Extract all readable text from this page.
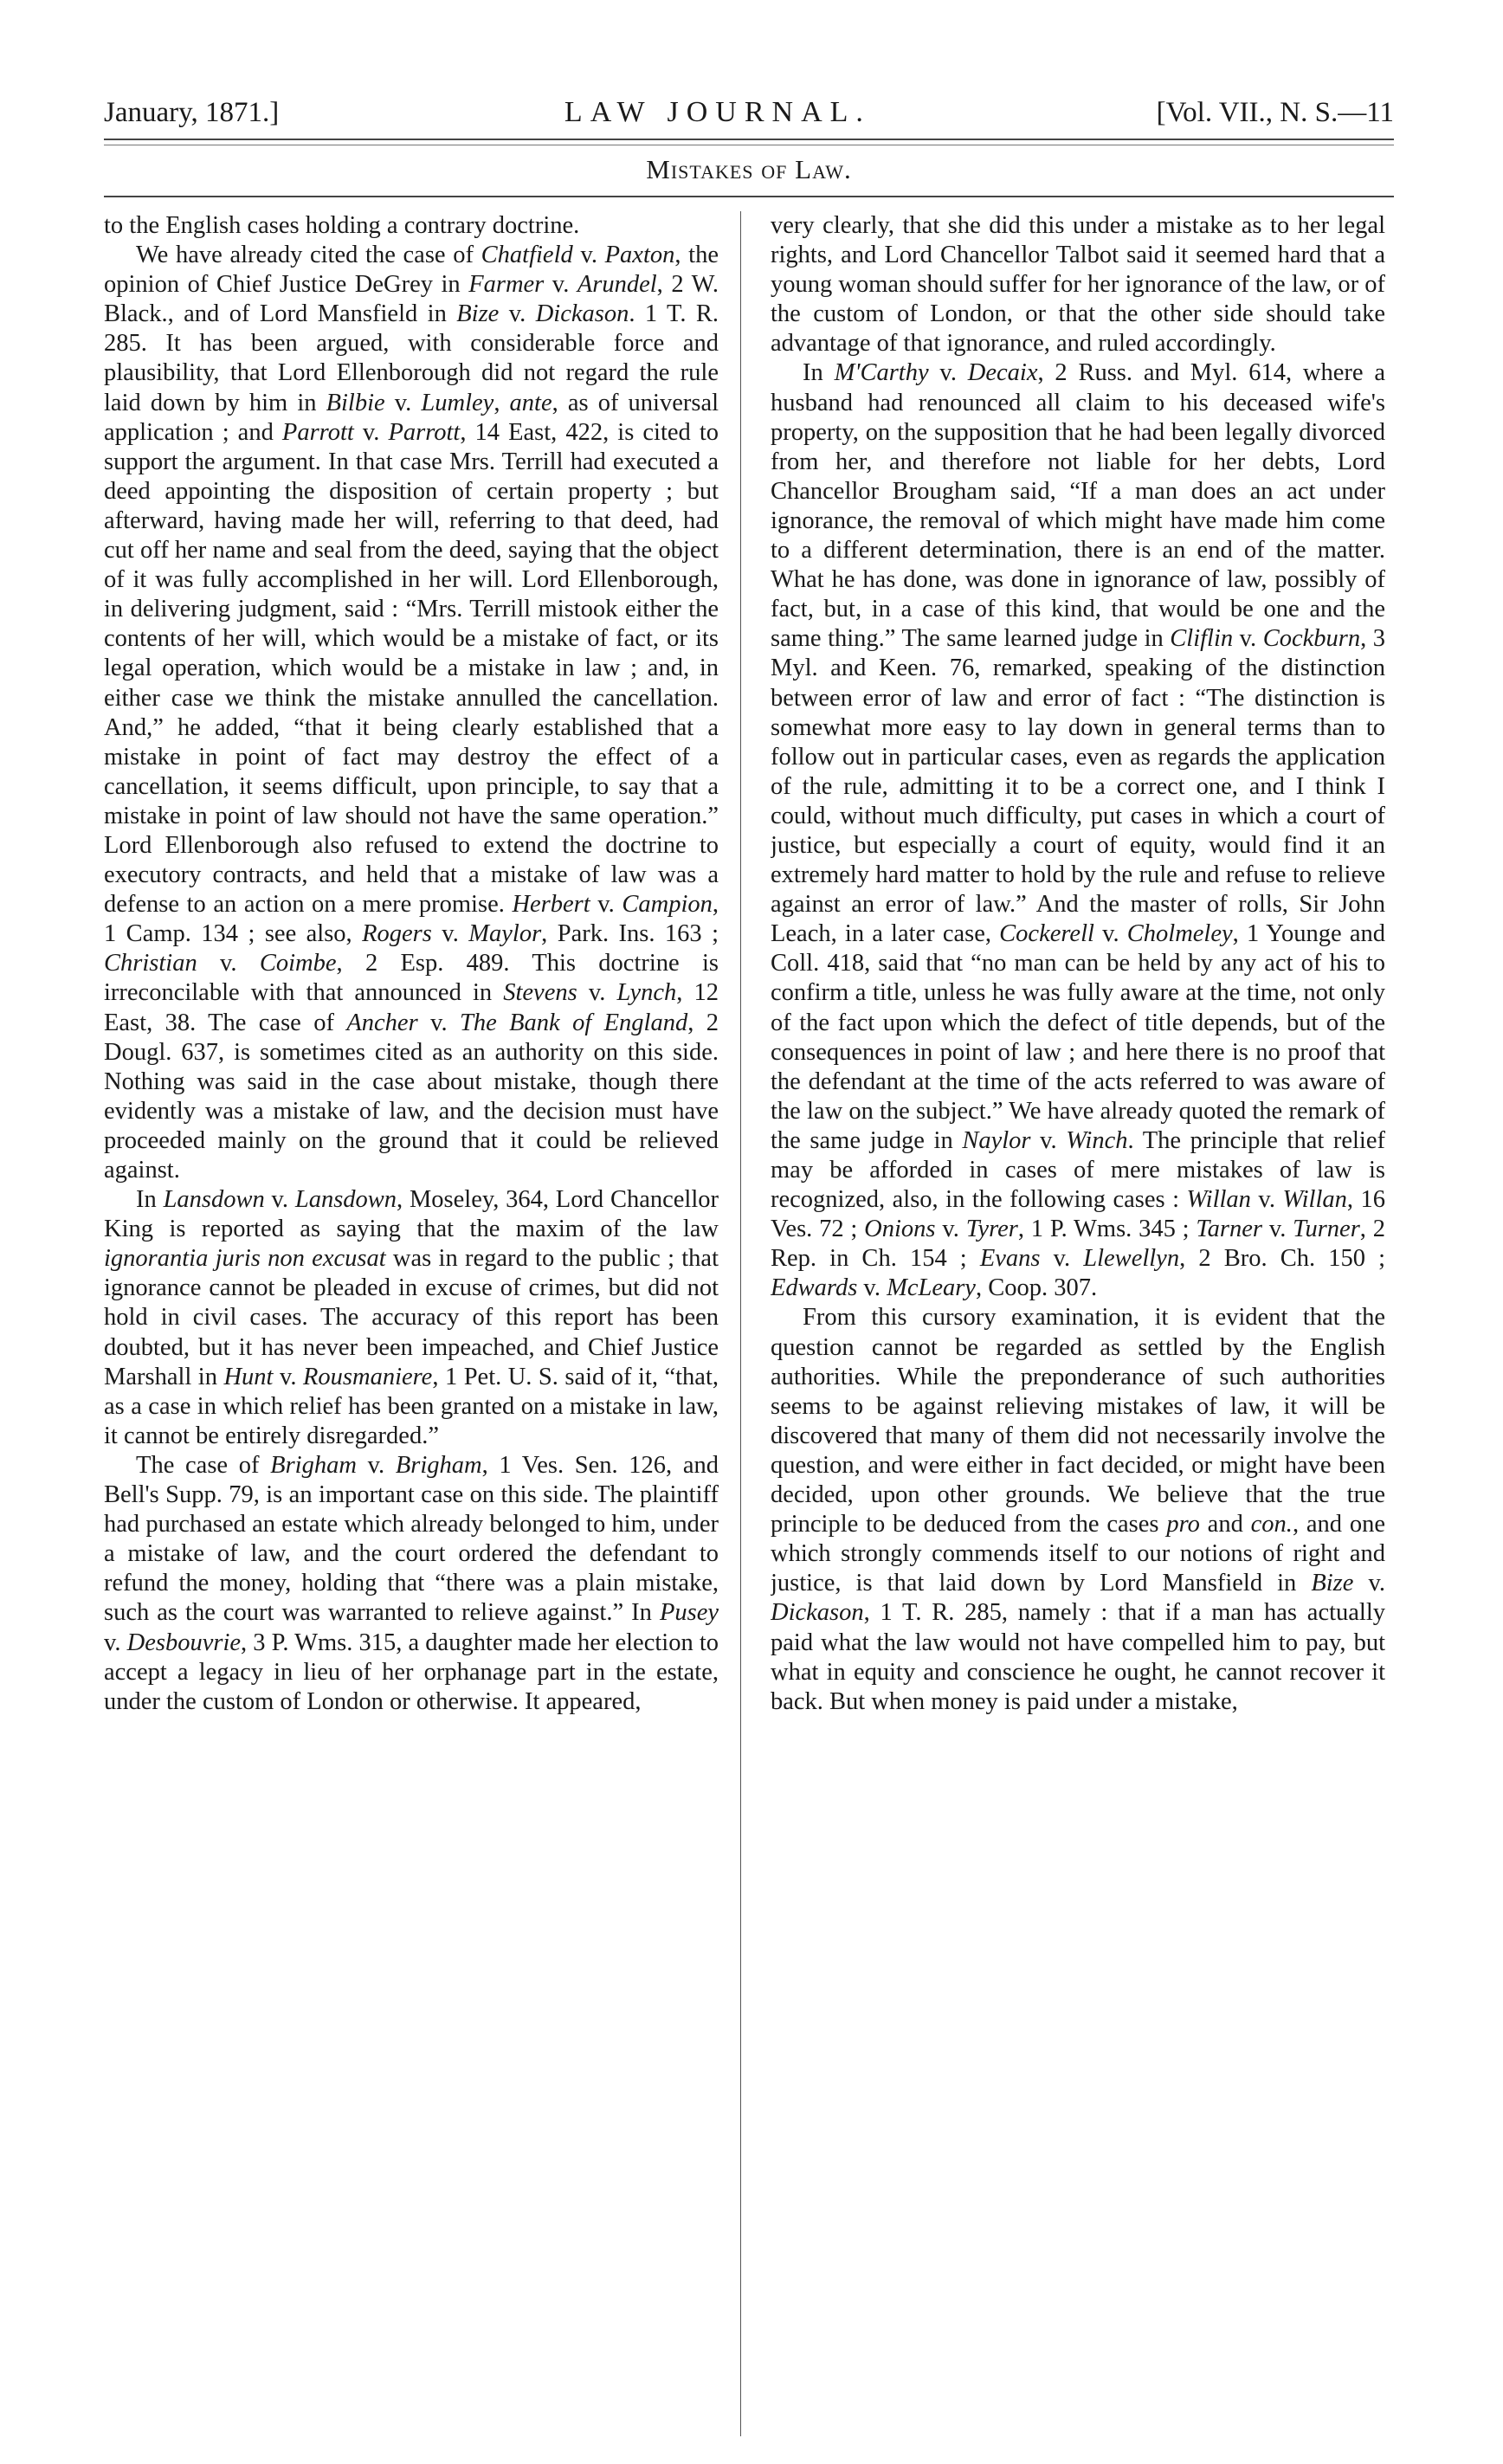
January, 1871.]	LAW JOURNAL.	[Vol. VII., N. S.—11
Mistakes of Law.

to the English cases holding a contrary doctrine.

We have already cited the case of Chatfield v. Paxton, the opinion of Chief Justice DeGrey in Farmer v. Arundel, 2 W. Black., and of Lord Mansfield in Bize v. Dickason. 1 T. R. 285. It has been argued, with considerable force and plausibility, that Lord Ellenborough did not regard the rule laid down by him in Bilbie v. Lumley, ante, as of universal application ; and Parrott v. Parrott, 14 East, 422, is cited to support the argument. In that case Mrs. Terrill had executed a deed appointing the disposition of certain property ; but afterward, having made her will, referring to that deed, had cut off her name and seal from the deed, saying that the object of it was fully accomplished in her will. Lord Ellenborough, in delivering judgment, said : “Mrs. Terrill mistook either the contents of her will, which would be a mistake of fact, or its legal operation, which would be a mistake in law ; and, in either case we think the mistake annulled the cancellation. And,” he added, “that it being clearly established that a mistake in point of fact may destroy the effect of a cancellation, it seems difficult, upon principle, to say that a mistake in point of law should not have the same operation.” Lord Ellenborough also refused to extend the doctrine to executory contracts, and held that a mistake of law was a defense to an action on a mere promise. Herbert v. Campion, 1 Camp. 134 ; see also, Rogers v. Maylor, Park. Ins. 163 ; Christian v. Coimbe, 2 Esp. 489. This doctrine is irreconcilable with that announced in Stevens v. Lynch, 12 East, 38. The case of Ancher v. The Bank of England, 2 Dougl. 637, is sometimes cited as an authority on this side. Nothing was said in the case about mistake, though there evidently was a mistake of law, and the decision must have proceeded mainly on the ground that it could be relieved against.

In Lansdown v. Lansdown, Moseley, 364, Lord Chancellor King is reported as saying that the maxim of the law ignorantia juris non excusat was in regard to the public ; that ignorance cannot be pleaded in excuse of crimes, but did not hold in civil cases. The accuracy of this report has been doubted, but it has never been impeached, and Chief Justice Marshall in Hunt v. Rousmaniere, 1 Pet. U. S. said of it, “that, as a case in which relief has been granted on a mistake in law, it cannot be entirely disregarded.”

The case of Brigham v. Brigham, 1 Ves. Sen. 126, and Bell's Supp. 79, is an important case on this side. The plaintiff had purchased an estate which already belonged to him, under a mistake of law, and the court ordered the defendant to refund the money, holding that “there was a plain mistake, such as the court was warranted to relieve against.” In Pusey v. Desbouvrie, 3 P. Wms. 315, a daughter made her election to accept a legacy in lieu of her orphanage part in the estate, under the custom of London or otherwise. It appeared,

very clearly, that she did this under a mistake as to her legal rights, and Lord Chancellor Talbot said it seemed hard that a young woman should suffer for her ignorance of the law, or of the custom of London, or that the other side should take advantage of that ignorance, and ruled accordingly.

In M'Carthy v. Decaix, 2 Russ. and Myl. 614, where a husband had renounced all claim to his deceased wife's property, on the supposition that he had been legally divorced from her, and therefore not liable for her debts, Lord Chancellor Brougham said, “If a man does an act under ignorance, the removal of which might have made him come to a different determination, there is an end of the matter. What he has done, was done in ignorance of law, possibly of fact, but, in a case of this kind, that would be one and the same thing.” The same learned judge in Cliflin v. Cockburn, 3 Myl. and Keen. 76, remarked, speaking of the distinction between error of law and error of fact : “The distinction is somewhat more easy to lay down in general terms than to follow out in particular cases, even as regards the application of the rule, admitting it to be a correct one, and I think I could, without much difficulty, put cases in which a court of justice, but especially a court of equity, would find it an extremely hard matter to hold by the rule and refuse to relieve against an error of law.” And the master of rolls, Sir John Leach, in a later case, Cockerell v. Cholmeley, 1 Younge and Coll. 418, said that “no man can be held by any act of his to confirm a title, unless he was fully aware at the time, not only of the fact upon which the defect of title depends, but of the consequences in point of law ; and here there is no proof that the defendant at the time of the acts referred to was aware of the law on the subject.” We have already quoted the remark of the same judge in Naylor v. Winch. The principle that relief may be afforded in cases of mere mistakes of law is recognized, also, in the following cases : Willan v. Willan, 16 Ves. 72 ; Onions v. Tyrer, 1 P. Wms. 345 ; Tarner v. Turner, 2 Rep. in Ch. 154 ; Evans v. Llewellyn, 2 Bro. Ch. 150 ; Edwards v. McLeary, Coop. 307.

From this cursory examination, it is evident that the question cannot be regarded as settled by the English authorities. While the preponderance of such authorities seems to be against relieving mistakes of law, it will be discovered that many of them did not necessarily involve the question, and were either in fact decided, or might have been decided, upon other grounds. We believe that the true principle to be deduced from the cases pro and con., and one which strongly commends itself to our notions of right and justice, is that laid down by Lord Mansfield in Bize v. Dickason, 1 T. R. 285, namely : that if a man has actually paid what the law would not have compelled him to pay, but what in equity and conscience he ought, he cannot recover it back. But when money is paid under a mistake,
